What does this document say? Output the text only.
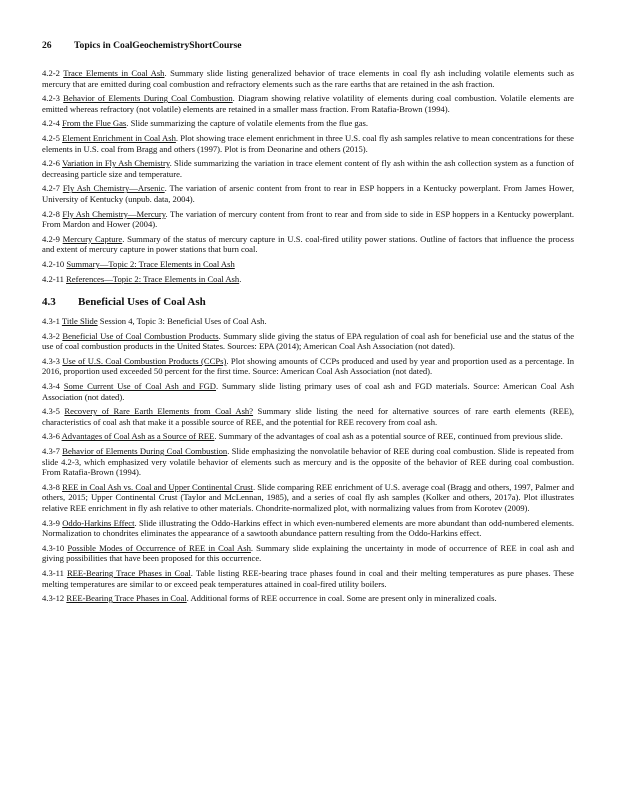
26 Topics in CoalGeochemistryShortCourse
4.2-2 Trace Elements in Coal Ash. Summary slide listing generalized behavior of trace elements in coal fly ash including volatile elements such as mercury that are emitted during coal combustion and refractory elements such as the rare earths that are retained in the ash fraction.
4.2-3 Behavior of Elements During Coal Combustion. Diagram showing relative volatility of elements during coal combustion. Volatile elements are emitted whereas refractory (not volatile) elements are retained in a smaller mass fraction. From Ratafia-Brown (1994).
4.2-4 From the Flue Gas. Slide summarizing the capture of volatile elements from the flue gas.
4.2-5 Element Enrichment in Coal Ash. Plot showing trace element enrichment in three U.S. coal fly ash samples relative to mean concentrations for these elements in U.S. coal from Bragg and others (1997). Plot is from Deonarine and others (2015).
4.2-6 Variation in Fly Ash Chemistry. Slide summarizing the variation in trace element content of fly ash within the ash collection system as a function of decreasing particle size and temperature.
4.2-7 Fly Ash Chemistry—Arsenic. The variation of arsenic content from front to rear in ESP hoppers in a Kentucky powerplant. From James Hower, University of Kentucky (unpub. data, 2004).
4.2-8 Fly Ash Chemistry—Mercury. The variation of mercury content from front to rear and from side to side in ESP hoppers in a Kentucky powerplant. From Mardon and Hower (2004).
4.2-9 Mercury Capture. Summary of the status of mercury capture in U.S. coal-fired utility power stations. Outline of factors that influence the process and extent of mercury capture in power stations that burn coal.
4.2-10 Summary—Topic 2: Trace Elements in Coal Ash
4.2-11 References—Topic 2: Trace Elements in Coal Ash.
4.3 Beneficial Uses of Coal Ash
4.3-1 Title Slide Session 4, Topic 3: Beneficial Uses of Coal Ash.
4.3-2 Beneficial Use of Coal Combustion Products. Summary slide giving the status of EPA regulation of coal ash for beneficial use and the status of the use of coal combustion products in the United States. Sources: EPA (2014); American Coal Ash Association (not dated).
4.3-3 Use of U.S. Coal Combustion Products (CCPs). Plot showing amounts of CCPs produced and used by year and proportion used as a percentage. In 2016, proportion used exceeded 50 percent for the first time. Source: American Coal Ash Association (not dated).
4.3-4 Some Current Use of Coal Ash and FGD. Summary slide listing primary uses of coal ash and FGD materials. Source: American Coal Ash Association (not dated).
4.3-5 Recovery of Rare Earth Elements from Coal Ash? Summary slide listing the need for alternative sources of rare earth elements (REE), characteristics of coal ash that make it a possible source of REE, and the potential for REE recovery from coal ash.
4.3-6 Advantages of Coal Ash as a Source of REE. Summary of the advantages of coal ash as a potential source of REE, continued from previous slide.
4.3-7 Behavior of Elements During Coal Combustion. Slide emphasizing the nonvolatile behavior of REE during coal combustion. Slide is repeated from slide 4.2-3, which emphasized very volatile behavior of elements such as mercury and is the opposite of the behavior of REE during coal combustion. From Ratafia-Brown (1994).
4.3-8 REE in Coal Ash vs. Coal and Upper Continental Crust. Slide comparing REE enrichment of U.S. average coal (Bragg and others, 1997, Palmer and others, 2015; Upper Continental Crust (Taylor and McLennan, 1985), and a series of coal fly ash samples (Kolker and others, 2017a). Plot illustrates relative REE enrichment in fly ash relative to other materials. Chondrite-normalized plot, with normalizing values from from Korotev (2009).
4.3-9 Oddo-Harkins Effect. Slide illustrating the Oddo-Harkins effect in which even-numbered elements are more abundant than odd-numbered elements. Normalization to chondrites eliminates the appearance of a sawtooth abundance pattern resulting from the Oddo-Harkins effect.
4.3-10 Possible Modes of Occurrence of REE in Coal Ash. Summary slide explaining the uncertainty in mode of occurrence of REE in coal ash and giving possibilities that have been proposed for this occurrence.
4.3-11 REE-Bearing Trace Phases in Coal. Table listing REE-bearing trace phases found in coal and their melting temperatures as pure phases. These melting temperatures are similar to or exceed peak temperatures attained in coal-fired utility boilers.
4.3-12 REE-Bearing Trace Phases in Coal. Additional forms of REE occurrence in coal. Some are present only in mineralized coals.
